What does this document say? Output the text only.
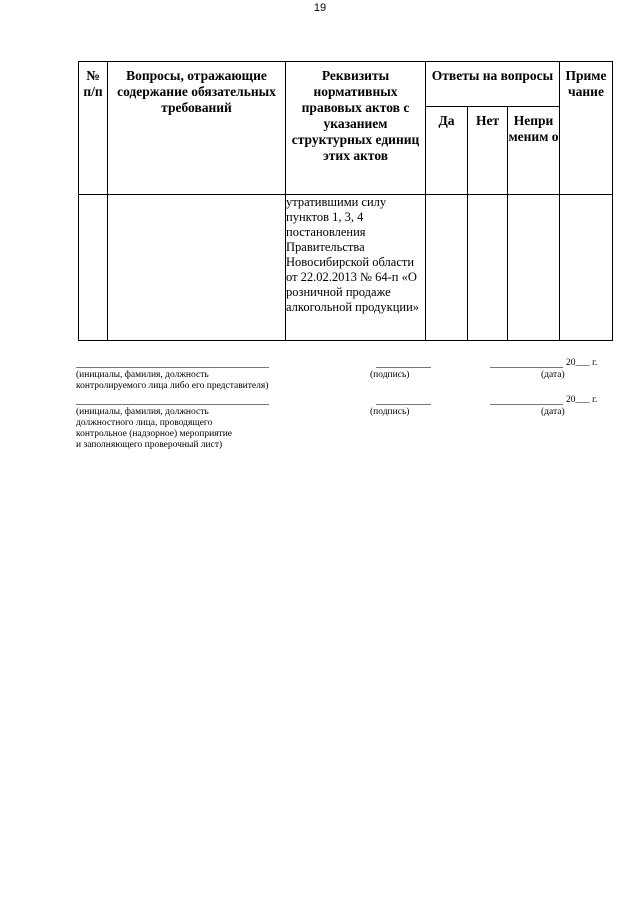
19
№ п/п	Вопросы, отражающие содержание обязательных требований	Реквизиты нормативных правовых актов с указанием структурных единиц этих актов	Ответы на вопросы			Приме чание
			Да	Нет	Непри меним о	
		утратившими силу пунктов 1, 3, 4 постановления Правительства Новосибирской области от 22.02.2013 № 64-п «О розничной продаже алкогольной продукции»				
20___ г.
(инициалы, фамилия, должность
контролируемого лица либо его представителя)
(подпись)	(дата)
20___ г.
(инициалы, фамилия, должность
должностного лица, проводящего
контрольное (надзорное) мероприятие
и заполняющего проверочный лист)
(подпись)	(дата)
